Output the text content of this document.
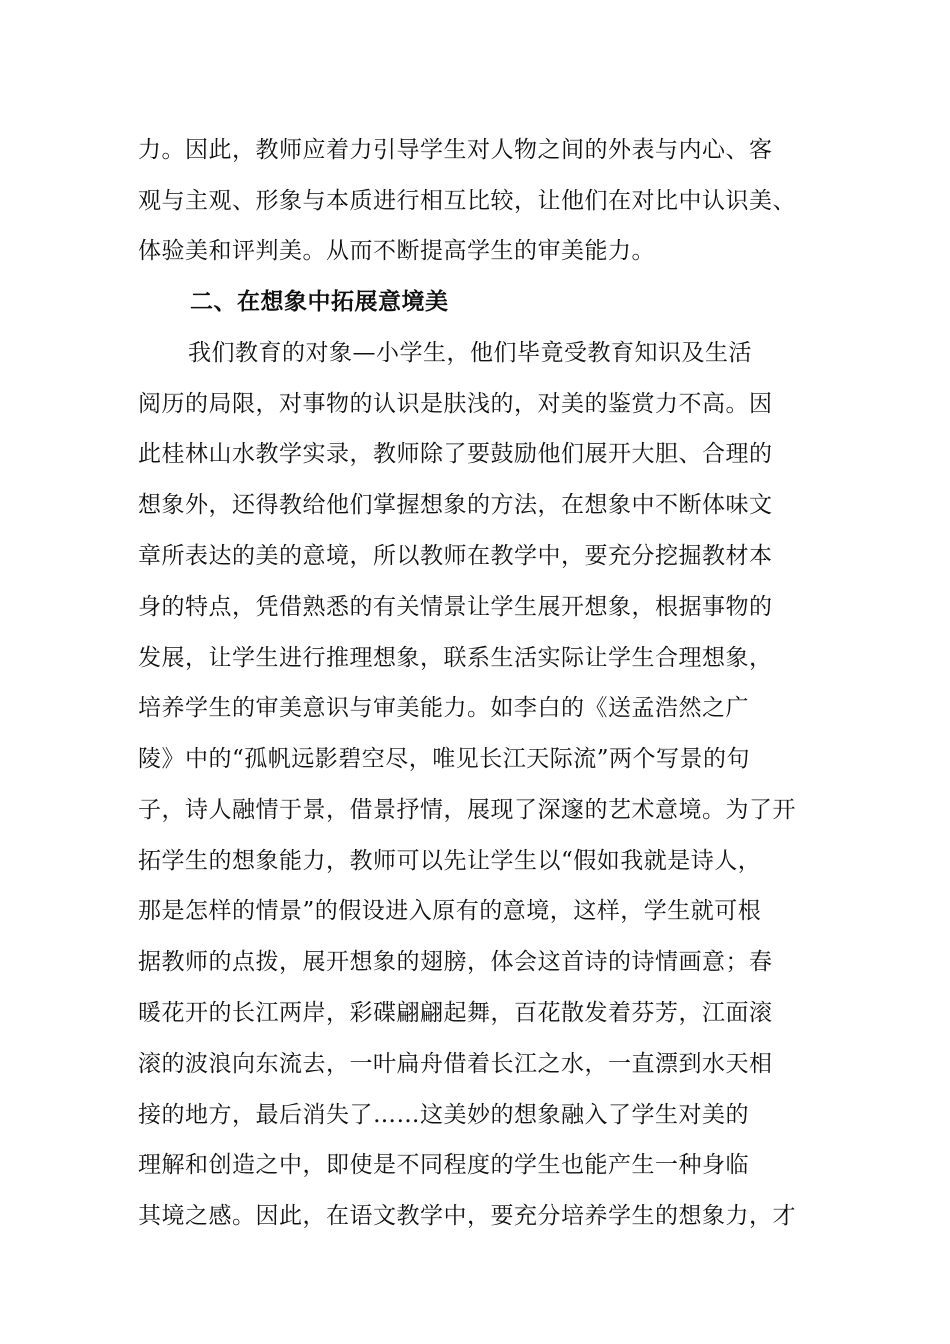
力。因此，教师应着力引导学生对人物之间的外表与内心、客
观与主观、形象与本质进行相互比较，让他们在对比中认识美、
体验美和评判美。从而不断提高学生的审美能力。
二、在想象中拓展意境美
我们教育的对象—小学生，他们毕竟受教育知识及生活
阅历的局限，对事物的认识是肤浅的，对美的鉴赏力不高。因
此桂林山水教学实录，教师除了要鼓励他们展开大胆、合理的
想象外，还得教给他们掌握想象的方法，在想象中不断体味文
章所表达的美的意境，所以教师在教学中，要充分挖掘教材本
身的特点，凭借熟悉的有关情景让学生展开想象，根据事物的
发展，让学生进行推理想象，联系生活实际让学生合理想象，
培养学生的审美意识与审美能力。如李白的《送孟浩然之广
陵》中的“孤帆远影碧空尽，唯见长江天际流”两个写景的句
子，诗人融情于景，借景抒情，展现了深邃的艺术意境。为了开
拓学生的想象能力，教师可以先让学生以“假如我就是诗人，
那是怎样的情景”的假设进入原有的意境，这样，学生就可根
据教师的点拨，展开想象的翅膀，体会这首诗的诗情画意；春
暖花开的长江两岸，彩碟翩翩起舞，百花散发着芬芳，江面滚
滚的波浪向东流去，一叶扁舟借着长江之水，一直漂到水天相
接的地方，最后消失了……这美妙的想象融入了学生对美的
理解和创造之中，即使是不同程度的学生也能产生一种身临
其境之感。因此，在语文教学中，要充分培养学生的想象力，才
